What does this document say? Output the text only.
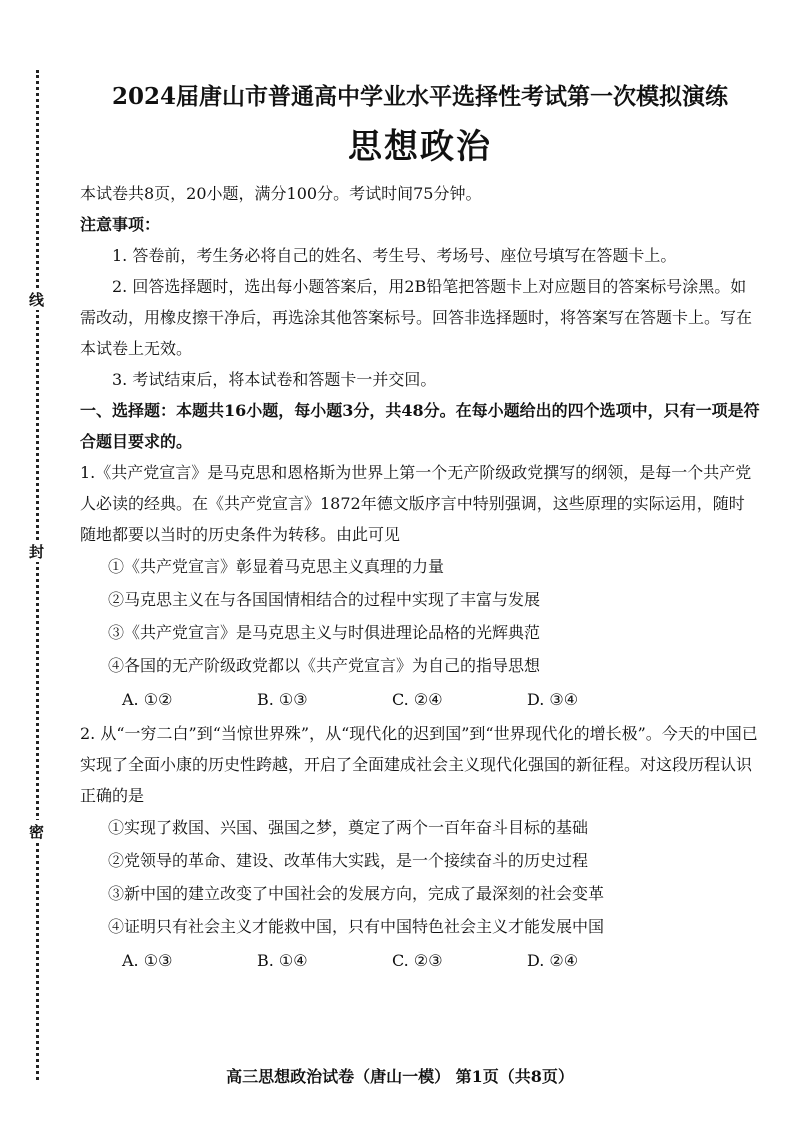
线
封
密
2024届唐山市普通高中学业水平选择性考试第一次模拟演练
思想政治

本试卷共8页，20小题，满分100分。考试时间75分钟。

注意事项：

1. 答卷前，考生务必将自己的姓名、考生号、考场号、座位号填写在答题卡上。

2. 回答选择题时，选出每小题答案后，用2B铅笔把答题卡上对应题目的答案标号涂黑。如需改动，用橡皮擦干净后，再选涂其他答案标号。回答非选择题时，将答案写在答题卡上。写在本试卷上无效。

3. 考试结束后，将本试卷和答题卡一并交回。

一、选择题：本题共16小题，每小题3分，共48分。在每小题给出的四个选项中，只有一项是符合题目要求的。

1.《共产党宣言》是马克思和恩格斯为世界上第一个无产阶级政党撰写的纲领，是每一个共产党人必读的经典。在《共产党宣言》1872年德文版序言中特别强调，这些原理的实际运用，随时随地都要以当时的历史条件为转移。由此可见

①《共产党宣言》彰显着马克思主义真理的力量

②马克思主义在与各国国情相结合的过程中实现了丰富与发展

③《共产党宣言》是马克思主义与时俱进理论品格的光辉典范

④各国的无产阶级政党都以《共产党宣言》为自己的指导思想

A. ①②	B. ①③	C. ②④	D. ③④

2. 从“一穷二白”到“当惊世界殊”，从“现代化的迟到国”到“世界现代化的增长极”。今天的中国已实现了全面小康的历史性跨越，开启了全面建成社会主义现代化强国的新征程。对这段历程认识正确的是

①实现了救国、兴国、强国之梦，奠定了两个一百年奋斗目标的基础

②党领导的革命、建设、改革伟大实践，是一个接续奋斗的历史过程

③新中国的建立改变了中国社会的发展方向，完成了最深刻的社会变革

④证明只有社会主义才能救中国，只有中国特色社会主义才能发展中国

A. ①③	B. ①④	C. ②③	D. ②④
高三思想政治试卷（唐山一模） 第1页（共8页）
